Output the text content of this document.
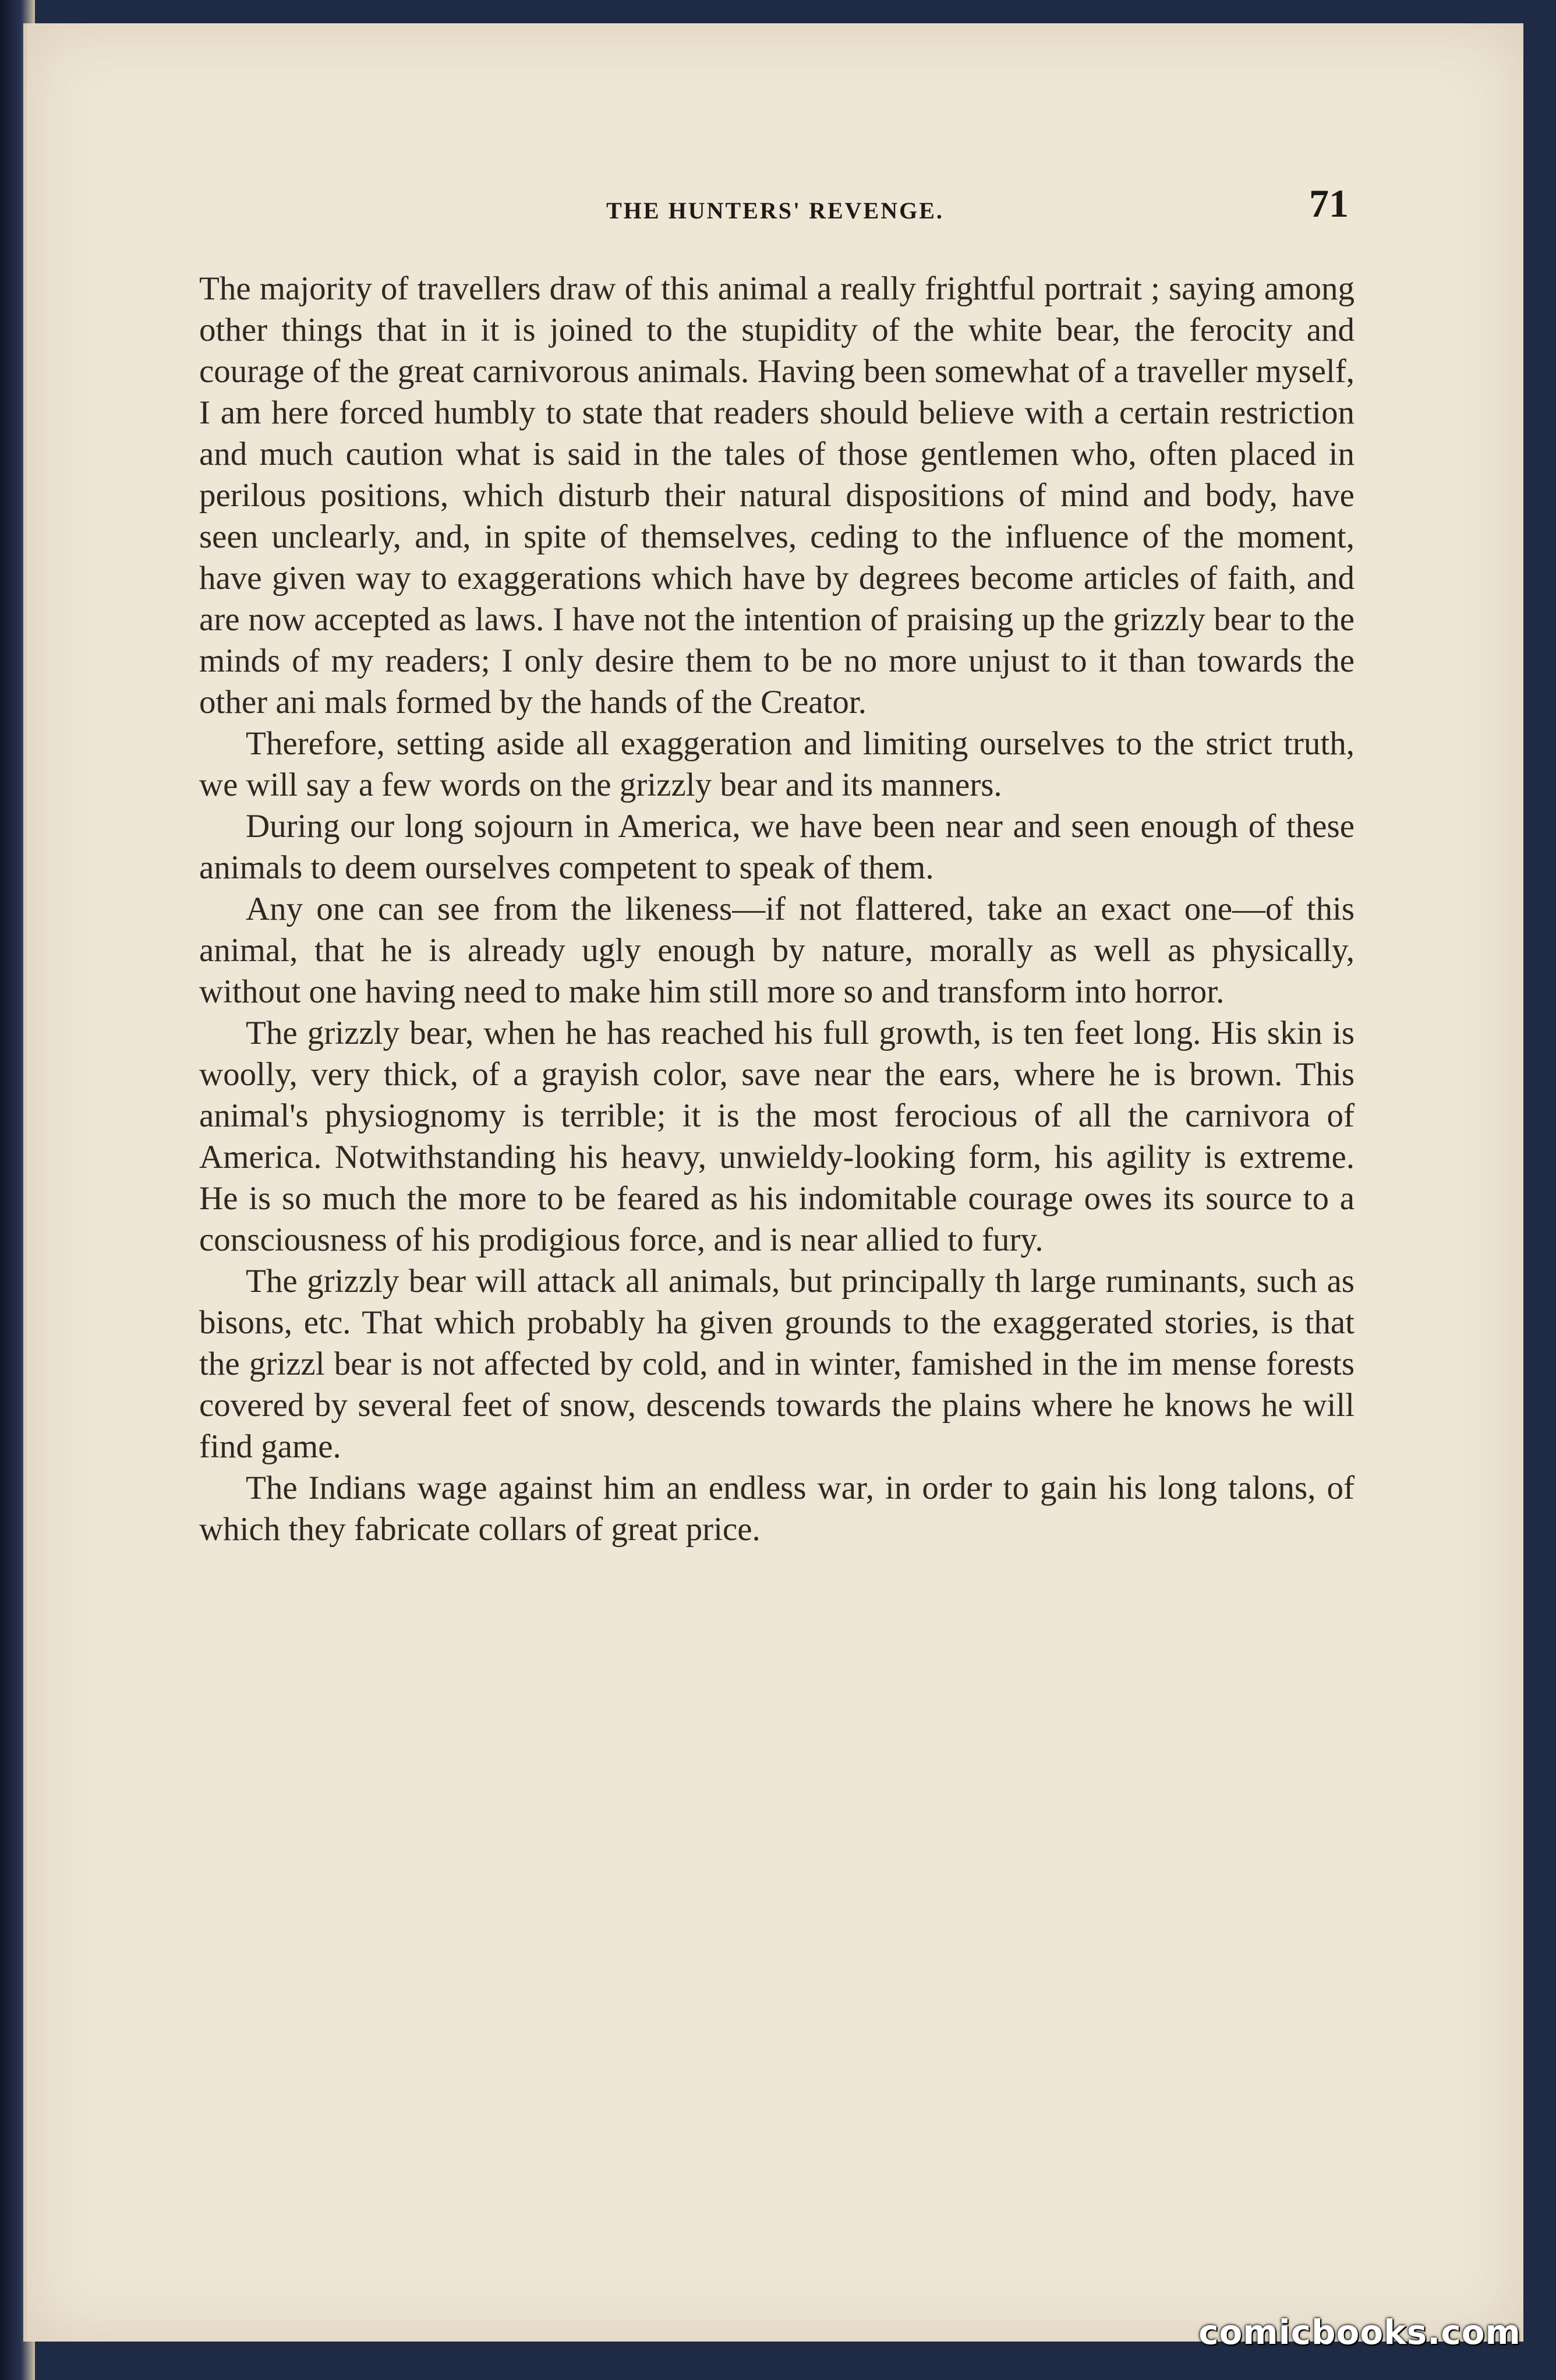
THE HUNTERS' REVENGE.	71

The majority of travellers draw of this animal a really frightful portrait ; saying among other things that in it is joined to the stupidity of the white bear, the ferocity and courage of the great carnivorous animals. Having been somewhat of a traveller myself, I am here forced humbly to state that readers should believe with a certain restriction and much caution what is said in the tales of those gentlemen who, often placed in perilous positions, which disturb their natural dispositions of mind and body, have seen unclearly, and, in spite of themselves, ceding to the influence of the moment, have given way to exaggerations which have by degrees become articles of faith, and are now accepted as laws. I have not the intention of praising up the grizzly bear to the minds of my readers; I only desire them to be no more unjust to it than towards the other ani mals formed by the hands of the Creator.

Therefore, setting aside all exaggeration and limiting ourselves to the strict truth, we will say a few words on the grizzly bear and its manners.

During our long sojourn in America, we have been near and seen enough of these animals to deem ourselves competent to speak of them.

Any one can see from the likeness—if not flattered, take an exact one—of this animal, that he is already ugly enough by nature, morally as well as physically, without one having need to make him still more so and transform into horror.

The grizzly bear, when he has reached his full growth, is ten feet long. His skin is woolly, very thick, of a grayish color, save near the ears, where he is brown. This animal's physiognomy is terrible; it is the most ferocious of all the carnivora of America. Notwithstanding his heavy, unwieldy-looking form, his agility is extreme. He is so much the more to be feared as his indomitable courage owes its source to a consciousness of his prodigious force, and is near allied to fury.

The grizzly bear will attack all animals, but principally th large ruminants, such as bisons, etc. That which probably ha given grounds to the exaggerated stories, is that the grizzl bear is not affected by cold, and in winter, famished in the im mense forests covered by several feet of snow, descends towards the plains where he knows he will find game.

The Indians wage against him an endless war, in order to gain his long talons, of which they fabricate collars of great price.

comicbooks.com
